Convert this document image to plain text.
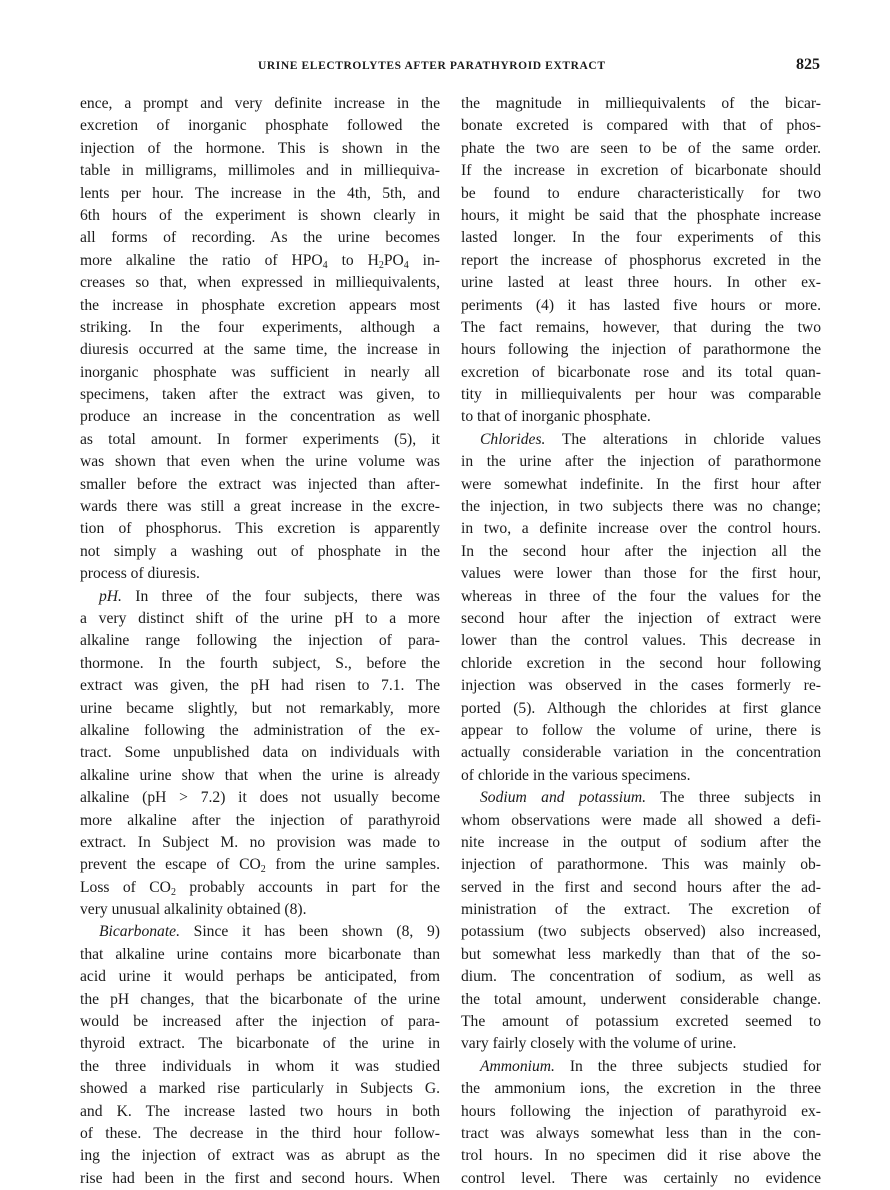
URINE ELECTROLYTES AFTER PARATHYROID EXTRACT	825
ence, a prompt and very definite increase in the
excretion of inorganic phosphate followed the
injection of the hormone. This is shown in the
table in milligrams, millimoles and in milliequiva-
lents per hour. The increase in the 4th, 5th, and
6th hours of the experiment is shown clearly in
all forms of recording. As the urine becomes
more alkaline the ratio of $HPO_4$ to $H_2PO_4$ in-
creases so that, when expressed in milliequivalents,
the increase in phosphate excretion appears most
striking. In the four experiments, although a
diuresis occurred at the same time, the increase in
inorganic phosphate was sufficient in nearly all
specimens, taken after the extract was given, to
produce an increase in the concentration as well
as total amount. In former experiments (5), it
was shown that even when the urine volume was
smaller before the extract was injected than after-
wards there was still a great increase in the excre-
tion of phosphorus. This excretion is apparently
not simply a washing out of phosphate in the
process of diuresis.
pH. In three of the four subjects, there was
a very distinct shift of the urine pH to a more
alkaline range following the injection of para-
thormone. In the fourth subject, S., before the
extract was given, the pH had risen to 7.1. The
urine became slightly, but not remarkably, more
alkaline following the administration of the ex-
tract. Some unpublished data on individuals with
alkaline urine show that when the urine is already
alkaline (pH > 7.2) it does not usually become
more alkaline after the injection of parathyroid
extract. In Subject M. no provision was made to
prevent the escape of $CO_2$ from the urine samples.
Loss of $CO_2$ probably accounts in part for the
very unusual alkalinity obtained (8).
Bicarbonate. Since it has been shown (8, 9)
that alkaline urine contains more bicarbonate than
acid urine it would perhaps be anticipated, from
the pH changes, that the bicarbonate of the urine
would be increased after the injection of para-
thyroid extract. The bicarbonate of the urine in
the three individuals in whom it was studied
showed a marked rise particularly in Subjects G.
and K. The increase lasted two hours in both
of these. The decrease in the third hour follow-
ing the injection of extract was as abrupt as the
rise had been in the first and second hours. When
the magnitude in milliequivalents of the bicar-
bonate excreted is compared with that of phos-
phate the two are seen to be of the same order.
If the increase in excretion of bicarbonate should
be found to endure characteristically for two
hours, it might be said that the phosphate increase
lasted longer. In the four experiments of this
report the increase of phosphorus excreted in the
urine lasted at least three hours. In other ex-
periments (4) it has lasted five hours or more.
The fact remains, however, that during the two
hours following the injection of parathormone the
excretion of bicarbonate rose and its total quan-
tity in milliequivalents per hour was comparable
to that of inorganic phosphate.
Chlorides. The alterations in chloride values
in the urine after the injection of parathormone
were somewhat indefinite. In the first hour after
the injection, in two subjects there was no change;
in two, a definite increase over the control hours.
In the second hour after the injection all the
values were lower than those for the first hour,
whereas in three of the four the values for the
second hour after the injection of extract were
lower than the control values. This decrease in
chloride excretion in the second hour following
injection was observed in the cases formerly re-
ported (5). Although the chlorides at first glance
appear to follow the volume of urine, there is
actually considerable variation in the concentration
of chloride in the various specimens.
Sodium and potassium. The three subjects in
whom observations were made all showed a defi-
nite increase in the output of sodium after the
injection of parathormone. This was mainly ob-
served in the first and second hours after the ad-
ministration of the extract. The excretion of
potassium (two subjects observed) also increased,
but somewhat less markedly than that of the so-
dium. The concentration of sodium, as well as
the total amount, underwent considerable change.
The amount of potassium excreted seemed to
vary fairly closely with the volume of urine.
Ammonium. In the three subjects studied for
the ammonium ions, the excretion in the three
hours following the injection of parathyroid ex-
tract was always somewhat less than in the con-
trol hours. In no specimen did it rise above the
control level. There was certainly no evidence
